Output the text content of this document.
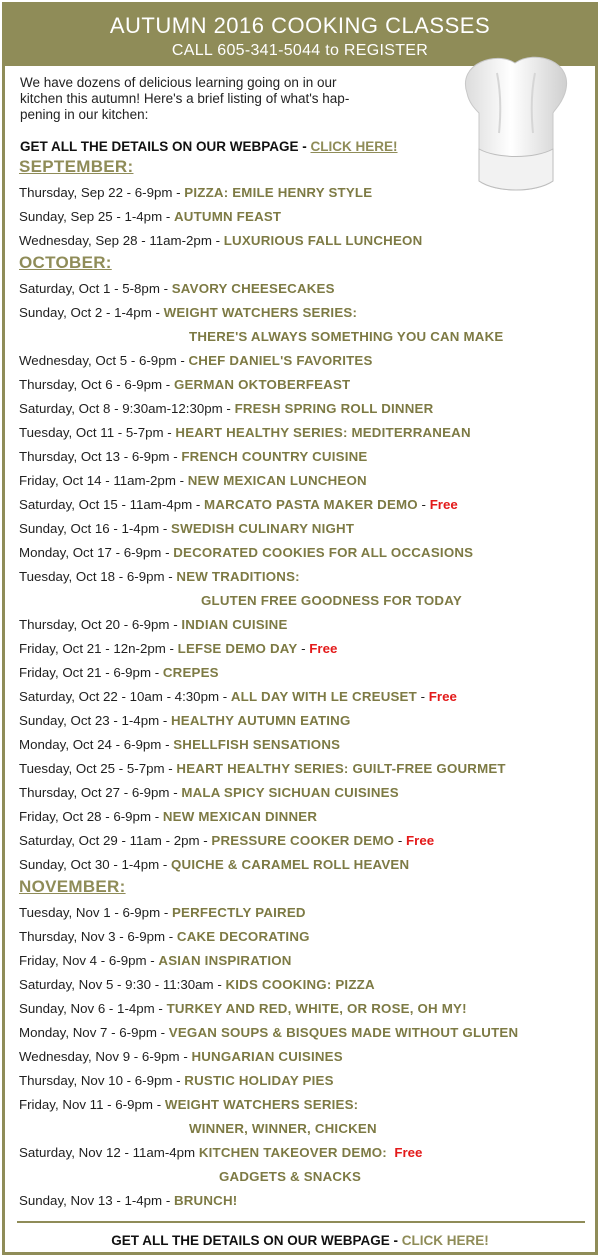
AUTUMN 2016 COOKING CLASSES
CALL 605-341-5044 to REGISTER
We have dozens of delicious learning going on in our
kitchen this autumn! Here's a brief listing of what's hap-
pening in our kitchen:
GET ALL THE DETAILS ON OUR WEBPAGE - CLICK HERE!
SEPTEMBER:
Thursday, Sep 22 - 6-9pm - PIZZA: EMILE HENRY STYLE
Sunday, Sep 25 - 1-4pm - AUTUMN FEAST
Wednesday, Sep 28 - 11am-2pm - LUXURIOUS FALL LUNCHEON
OCTOBER:
Saturday, Oct 1 - 5-8pm - SAVORY CHEESECAKES
Sunday, Oct 2 - 1-4pm - WEIGHT WATCHERS SERIES:
THERE'S ALWAYS SOMETHING YOU CAN MAKE
Wednesday, Oct 5 - 6-9pm - CHEF DANIEL'S FAVORITES
Thursday, Oct 6 - 6-9pm - GERMAN OKTOBERFEAST
Saturday, Oct 8 - 9:30am-12:30pm - FRESH SPRING ROLL DINNER
Tuesday, Oct 11 - 5-7pm - HEART HEALTHY SERIES: MEDITERRANEAN
Thursday, Oct 13 - 6-9pm - FRENCH COUNTRY CUISINE
Friday, Oct 14 - 11am-2pm - NEW MEXICAN LUNCHEON
Saturday, Oct 15 - 11am-4pm - MARCATO PASTA MAKER DEMO - Free
Sunday, Oct 16 - 1-4pm - SWEDISH CULINARY NIGHT
Monday, Oct 17 - 6-9pm - DECORATED COOKIES FOR ALL OCCASIONS
Tuesday, Oct 18 - 6-9pm - NEW TRADITIONS:
GLUTEN FREE GOODNESS FOR TODAY
Thursday, Oct 20 - 6-9pm - INDIAN CUISINE
Friday, Oct 21 - 12n-2pm - LEFSE DEMO DAY - Free
Friday, Oct 21 - 6-9pm - CREPES
Saturday, Oct 22 - 10am - 4:30pm - ALL DAY WITH LE CREUSET - Free
Sunday, Oct 23 - 1-4pm - HEALTHY AUTUMN EATING
Monday, Oct 24 - 6-9pm - SHELLFISH SENSATIONS
Tuesday, Oct 25 - 5-7pm - HEART HEALTHY SERIES: GUILT-FREE GOURMET
Thursday, Oct 27 - 6-9pm - MALA SPICY SICHUAN CUISINES
Friday, Oct 28 - 6-9pm - NEW MEXICAN DINNER
Saturday, Oct 29 - 11am - 2pm - PRESSURE COOKER DEMO - Free
Sunday, Oct 30 - 1-4pm - QUICHE & CARAMEL ROLL HEAVEN
NOVEMBER:
Tuesday, Nov 1 - 6-9pm - PERFECTLY PAIRED
Thursday, Nov 3 - 6-9pm - CAKE DECORATING
Friday, Nov 4 - 6-9pm - ASIAN INSPIRATION
Saturday, Nov 5 - 9:30 - 11:30am - KIDS COOKING: PIZZA
Sunday, Nov 6 - 1-4pm - TURKEY AND RED, WHITE, OR ROSE, OH MY!
Monday, Nov 7 - 6-9pm - VEGAN SOUPS & BISQUES MADE WITHOUT GLUTEN
Wednesday, Nov 9 - 6-9pm - HUNGARIAN CUISINES
Thursday, Nov 10 - 6-9pm - RUSTIC HOLIDAY PIES
Friday, Nov 11 - 6-9pm - WEIGHT WATCHERS SERIES:
WINNER, WINNER, CHICKEN
Saturday, Nov 12 - 11am-4pm KITCHEN TAKEOVER DEMO: Free
GADGETS & SNACKS
Sunday, Nov 13 - 1-4pm - BRUNCH!
GET ALL THE DETAILS ON OUR WEBPAGE - CLICK HERE!
